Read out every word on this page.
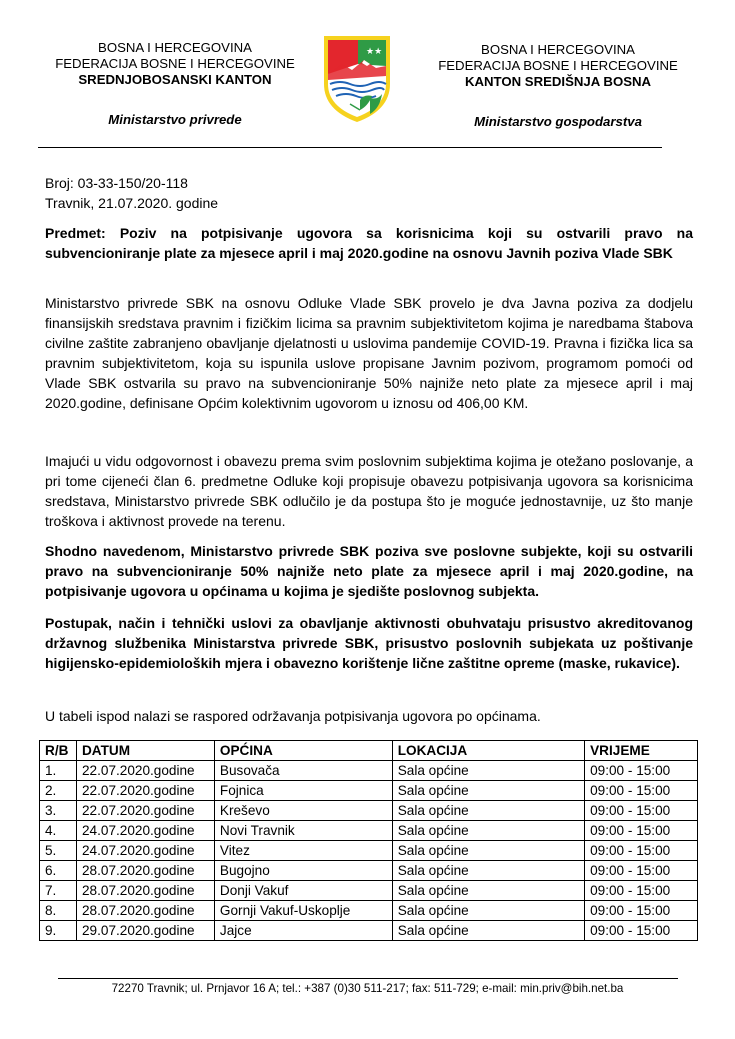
BOSNA I HERCEGOVINA
FEDERACIJA BOSNE I HERCEGOVINE
SREDNJOBOSANSKI KANTON
Ministarstvo privrede
★★	BOSNA I HERCEGOVINA
FEDERACIJA BOSNE I HERCEGOVINE
KANTON SREDIŠNJA BOSNA
Ministarstvo gospodarstva
Broj: 03-33-150/20-118
Travnik, 21.07.2020. godine

Predmet: Poziv na potpisivanje ugovora sa korisnicima koji su ostvarili pravo na subvencioniranje plate za mjesece april i maj 2020.godine na osnovu Javnih poziva Vlade SBK

Ministarstvo privrede SBK na osnovu Odluke Vlade SBK provelo je dva Javna poziva za dodjelu finansijskih sredstava pravnim i fizičkim licima sa pravnim subjektivitetom kojima je naredbama štabova civilne zaštite zabranjeno obavljanje djelatnosti u uslovima pandemije COVID-19. Pravna i fizička lica sa pravnim subjektivitetom, koja su ispunila uslove propisane Javnim pozivom, programom pomoći od Vlade SBK ostvarila su pravo na subvencioniranje 50% najniže neto plate za mjesece april i maj 2020.godine, definisane Općim kolektivnim ugovorom u iznosu od 406,00 KM.

Imajući u vidu odgovornost i obavezu prema svim poslovnim subjektima kojima je otežano poslovanje, a pri tome cijeneći član 6. predmetne Odluke koji propisuje obavezu potpisivanja ugovora sa korisnicima sredstava, Ministarstvo privrede SBK odlučilo je da postupa što je moguće jednostavnije, uz što manje troškova i aktivnost provede na terenu.

Shodno navedenom, Ministarstvo privrede SBK poziva sve poslovne subjekte, koji su ostvarili pravo na subvencioniranje 50% najniže neto plate za mjesece april i maj 2020.godine, na potpisivanje ugovora u općinama u kojima je sjedište poslovnog subjekta.

Postupak, način i tehnički uslovi za obavljanje aktivnosti obuhvataju prisustvo akreditovanog državnog službenika Ministarstva privrede SBK, prisustvo poslovnih subjekata uz poštivanje higijensko-epidemioloških mjera i obavezno korištenje lične zaštitne opreme (maske, rukavice).

U tabeli ispod nalazi se raspored održavanja potpisivanja ugovora po općinama.

R/B	DATUM	OPĆINA	LOKACIJA	VRIJEME
1.	22.07.2020.godine	Busovača	Sala općine	09:00 - 15:00
2.	22.07.2020.godine	Fojnica	Sala općine	09:00 - 15:00
3.	22.07.2020.godine	Kreševo	Sala općine	09:00 - 15:00
4.	24.07.2020.godine	Novi Travnik	Sala općine	09:00 - 15:00
5.	24.07.2020.godine	Vitez	Sala općine	09:00 - 15:00
6.	28.07.2020.godine	Bugojno	Sala općine	09:00 - 15:00
7.	28.07.2020.godine	Donji Vakuf	Sala općine	09:00 - 15:00
8.	28.07.2020.godine	Gornji Vakuf-Uskoplje	Sala općine	09:00 - 15:00
9.	29.07.2020.godine	Jajce	Sala općine	09:00 - 15:00
72270 Travnik; ul. Prnjavor 16 A; tel.: +387 (0)30 511-217; fax: 511-729; e-mail: min.priv@bih.net.ba
